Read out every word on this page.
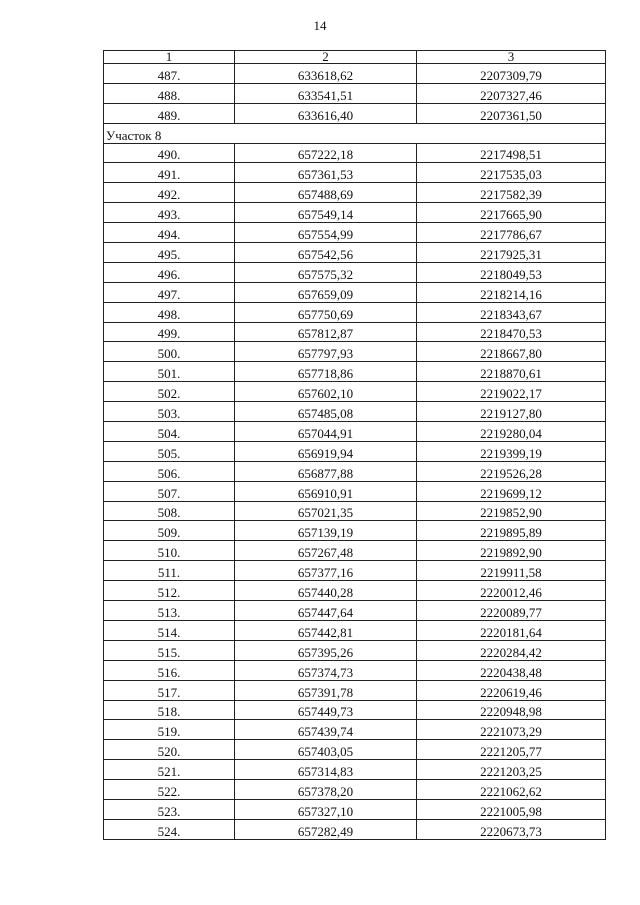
14
1	2	3
487.	633618,62	2207309,79
488.	633541,51	2207327,46
489.	633616,40	2207361,50
Участок 8		
490.	657222,18	2217498,51
491.	657361,53	2217535,03
492.	657488,69	2217582,39
493.	657549,14	2217665,90
494.	657554,99	2217786,67
495.	657542,56	2217925,31
496.	657575,32	2218049,53
497.	657659,09	2218214,16
498.	657750,69	2218343,67
499.	657812,87	2218470,53
500.	657797,93	2218667,80
501.	657718,86	2218870,61
502.	657602,10	2219022,17
503.	657485,08	2219127,80
504.	657044,91	2219280,04
505.	656919,94	2219399,19
506.	656877,88	2219526,28
507.	656910,91	2219699,12
508.	657021,35	2219852,90
509.	657139,19	2219895,89
510.	657267,48	2219892,90
511.	657377,16	2219911,58
512.	657440,28	2220012,46
513.	657447,64	2220089,77
514.	657442,81	2220181,64
515.	657395,26	2220284,42
516.	657374,73	2220438,48
517.	657391,78	2220619,46
518.	657449,73	2220948,98
519.	657439,74	2221073,29
520.	657403,05	2221205,77
521.	657314,83	2221203,25
522.	657378,20	2221062,62
523.	657327,10	2221005,98
524.	657282,49	2220673,73
